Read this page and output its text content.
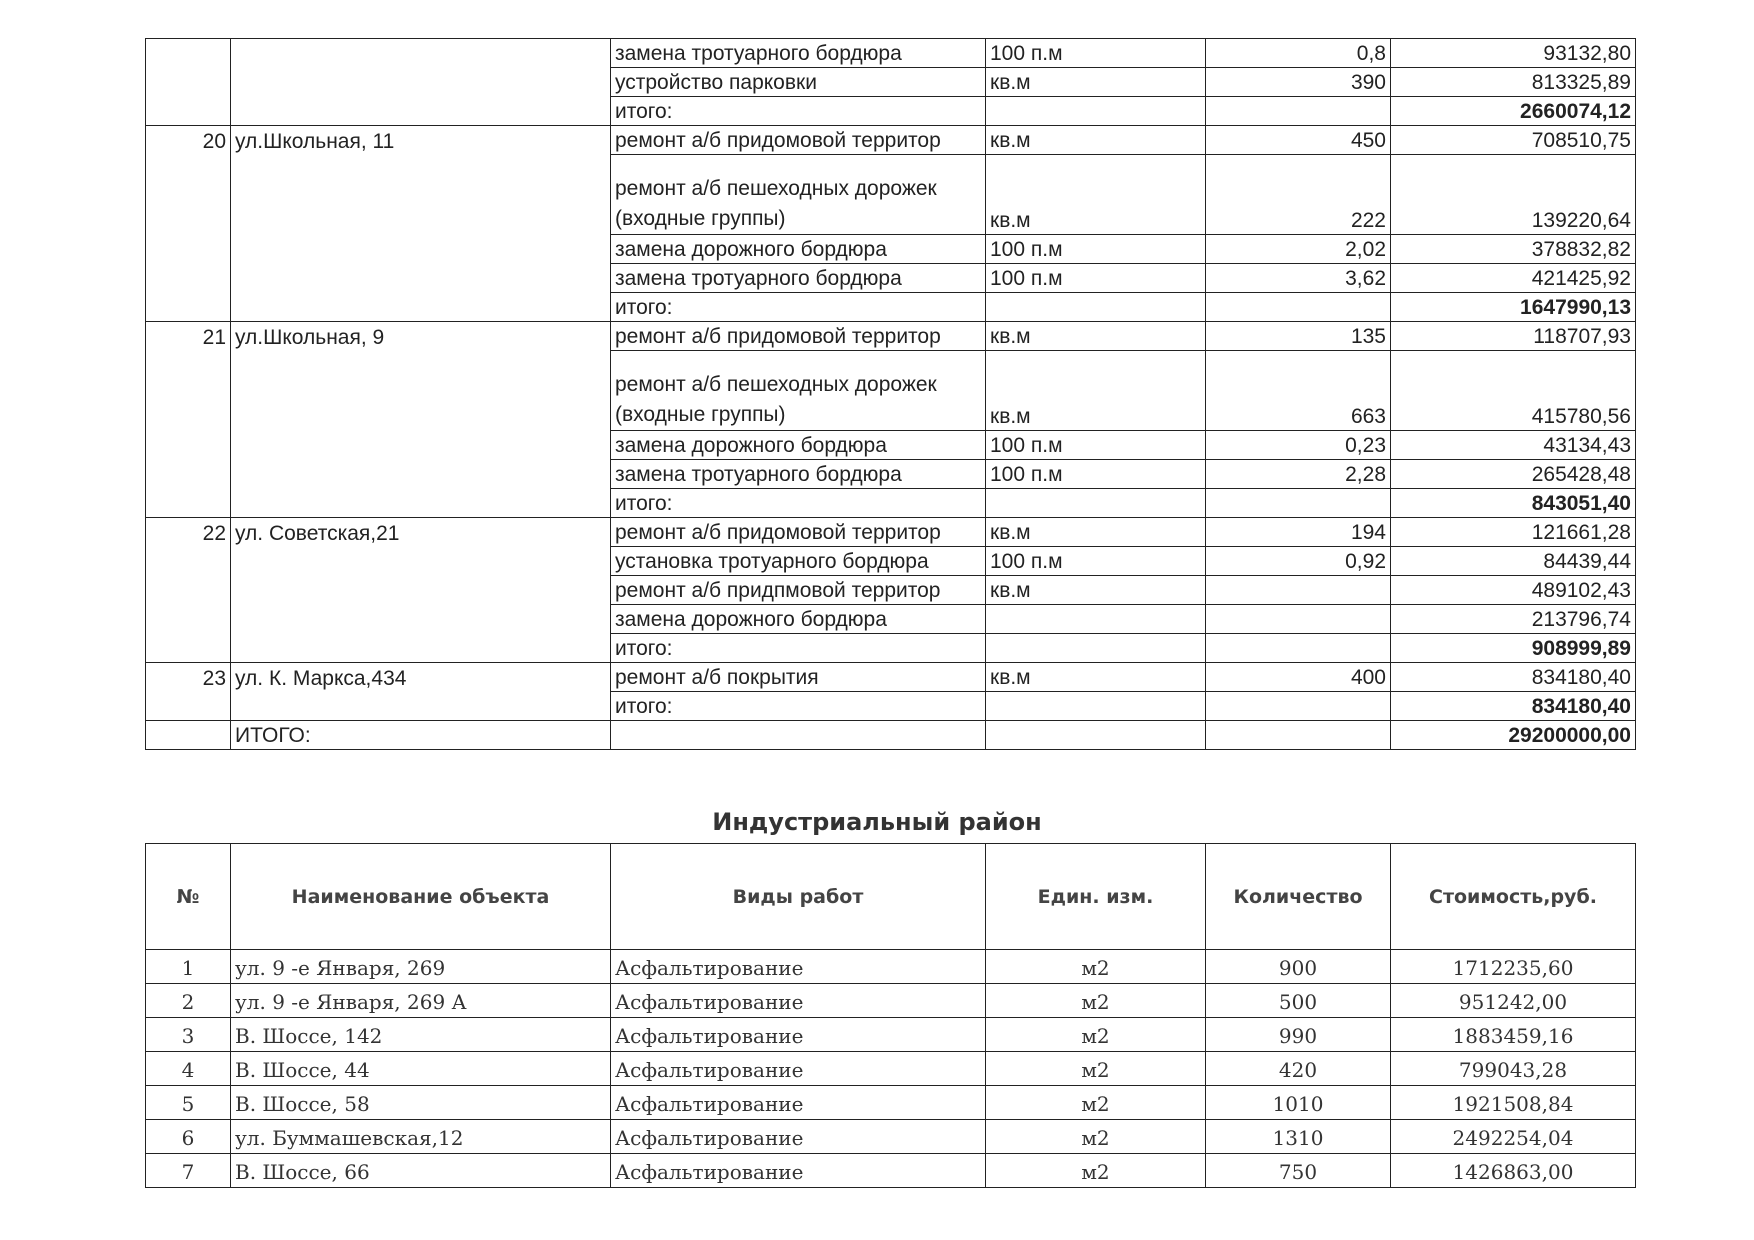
		замена тротуарного бордюра	100 п.м	0,8	93132,80
		устройство парковки	кв.м	390	813325,89
		итого:			2660074,12
20	ул.Школьная, 11	ремонт а/б придомовой территор	кв.м	450	708510,75
		ремонт а/б пешеходных дорожек (входные группы)	кв.м	222	139220,64
		замена дорожного бордюра	100 п.м	2,02	378832,82
		замена тротуарного бордюра	100 п.м	3,62	421425,92
		итого:			1647990,13
21	ул.Школьная, 9	ремонт а/б придомовой территор	кв.м	135	118707,93
		ремонт а/б пешеходных дорожек (входные группы)	кв.м	663	415780,56
		замена дорожного бордюра	100 п.м	0,23	43134,43
		замена тротуарного бордюра	100 п.м	2,28	265428,48
		итого:			843051,40
22	ул. Советская,21	ремонт а/б придомовой территор	кв.м	194	121661,28
		установка тротуарного бордюра	100 п.м	0,92	84439,44
		ремонт а/б придпмовой территор	кв.м		489102,43
		замена дорожного бордюра			213796,74
		итого:			908999,89
23	ул. К. Маркса,434	ремонт а/б покрытия	кв.м	400	834180,40
		итого:			834180,40
	ИТОГО:				29200000,00
Индустриальный район
№	Наименование объекта	Виды работ	Един. изм.	Количество	Стоимость,руб.
1	ул. 9 -е Января, 269	Асфальтирование	м2	900	1712235,60
2	ул. 9 -е Января, 269 А	Асфальтирование	м2	500	951242,00
3	В. Шоссе, 142	Асфальтирование	м2	990	1883459,16
4	В. Шоссе, 44	Асфальтирование	м2	420	799043,28
5	В. Шоссе, 58	Асфальтирование	м2	1010	1921508,84
6	ул. Буммашевская,12	Асфальтирование	м2	1310	2492254,04
7	В. Шоссе, 66	Асфальтирование	м2	750	1426863,00
